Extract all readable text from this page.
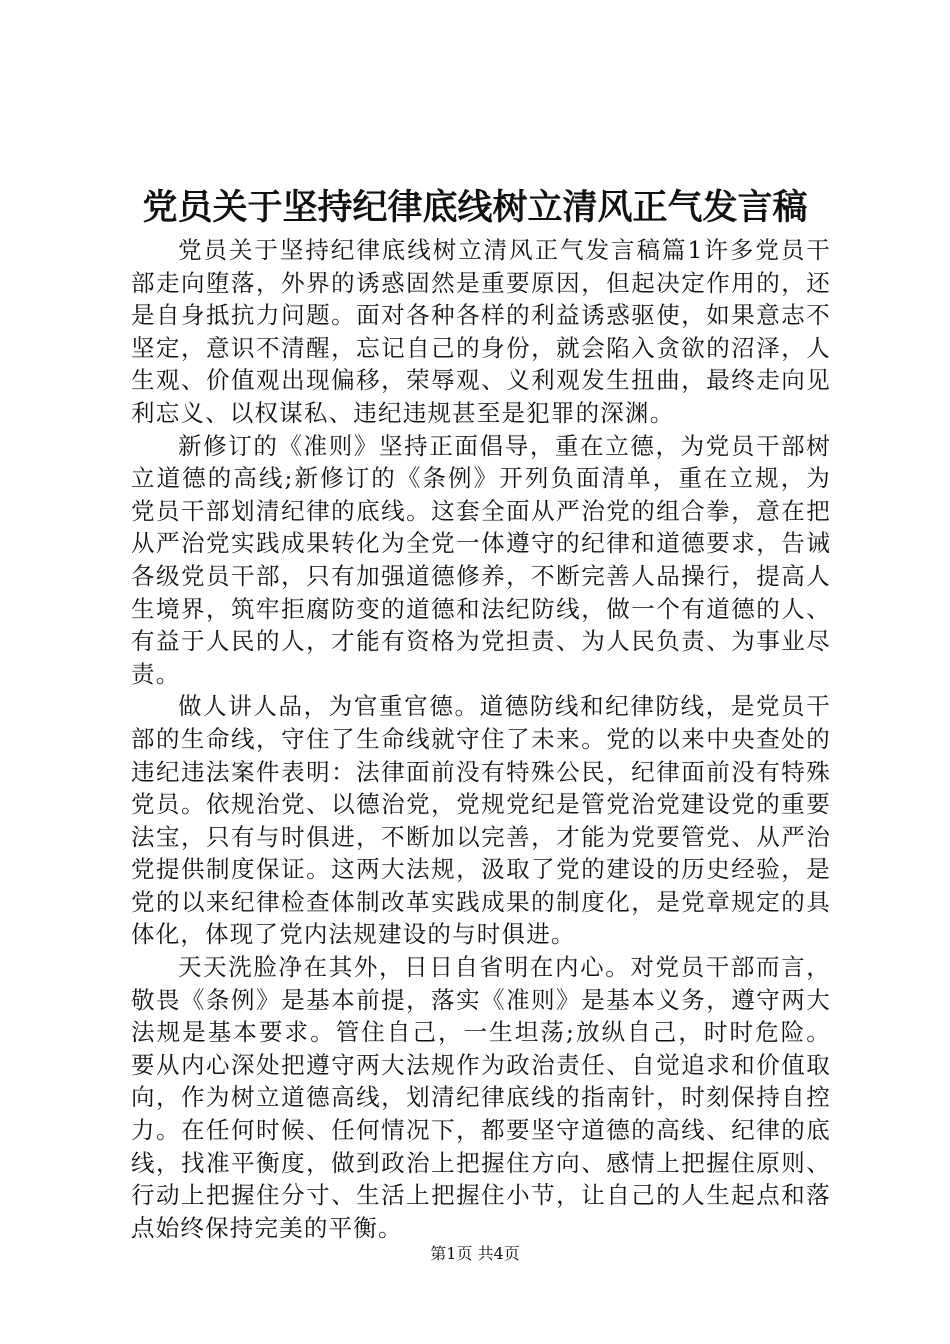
党员关于坚持纪律底线树立清风正气发言稿

党员关于坚持纪律底线树立清风正气发言稿篇1许多党员干部走向堕落，外界的诱惑固然是重要原因，但起决定作用的，还是自身抵抗力问题。面对各种各样的利益诱惑驱使，如果意志不坚定，意识不清醒，忘记自己的身份，就会陷入贪欲的沼泽，人生观、价值观出现偏移，荣辱观、义利观发生扭曲，最终走向见利忘义、以权谋私、违纪违规甚至是犯罪的深渊。

新修订的《准则》坚持正面倡导，重在立德，为党员干部树立道德的高线;新修订的《条例》开列负面清单，重在立规，为党员干部划清纪律的底线。这套全面从严治党的组合拳，意在把从严治党实践成果转化为全党一体遵守的纪律和道德要求，告诫各级党员干部，只有加强道德修养，不断完善人品操行，提高人生境界，筑牢拒腐防变的道德和法纪防线，做一个有道德的人、有益于人民的人，才能有资格为党担责、为人民负责、为事业尽责。

做人讲人品，为官重官德。道德防线和纪律防线，是党员干部的生命线，守住了生命线就守住了未来。党的以来中央查处的违纪违法案件表明：法律面前没有特殊公民，纪律面前没有特殊党员。依规治党、以德治党，党规党纪是管党治党建设党的重要法宝，只有与时俱进，不断加以完善，才能为党要管党、从严治党提供制度保证。这两大法规，汲取了党的建设的历史经验，是党的以来纪律检查体制改革实践成果的制度化，是党章规定的具体化，体现了党内法规建设的与时俱进。

天天洗脸净在其外，日日自省明在内心。对党员干部而言，敬畏《条例》是基本前提，落实《准则》是基本义务，遵守两大法规是基本要求。管住自己，一生坦荡;放纵自己，时时危险。要从内心深处把遵守两大法规作为政治责任、自觉追求和价值取向，作为树立道德高线，划清纪律底线的指南针，时刻保持自控力。在任何时候、任何情况下，都要坚守道德的高线、纪律的底线，找准平衡度，做到政治上把握住方向、感情上把握住原则、行动上把握住分寸、生活上把握住小节，让自己的人生起点和落点始终保持完美的平衡。

第1页 共4页
